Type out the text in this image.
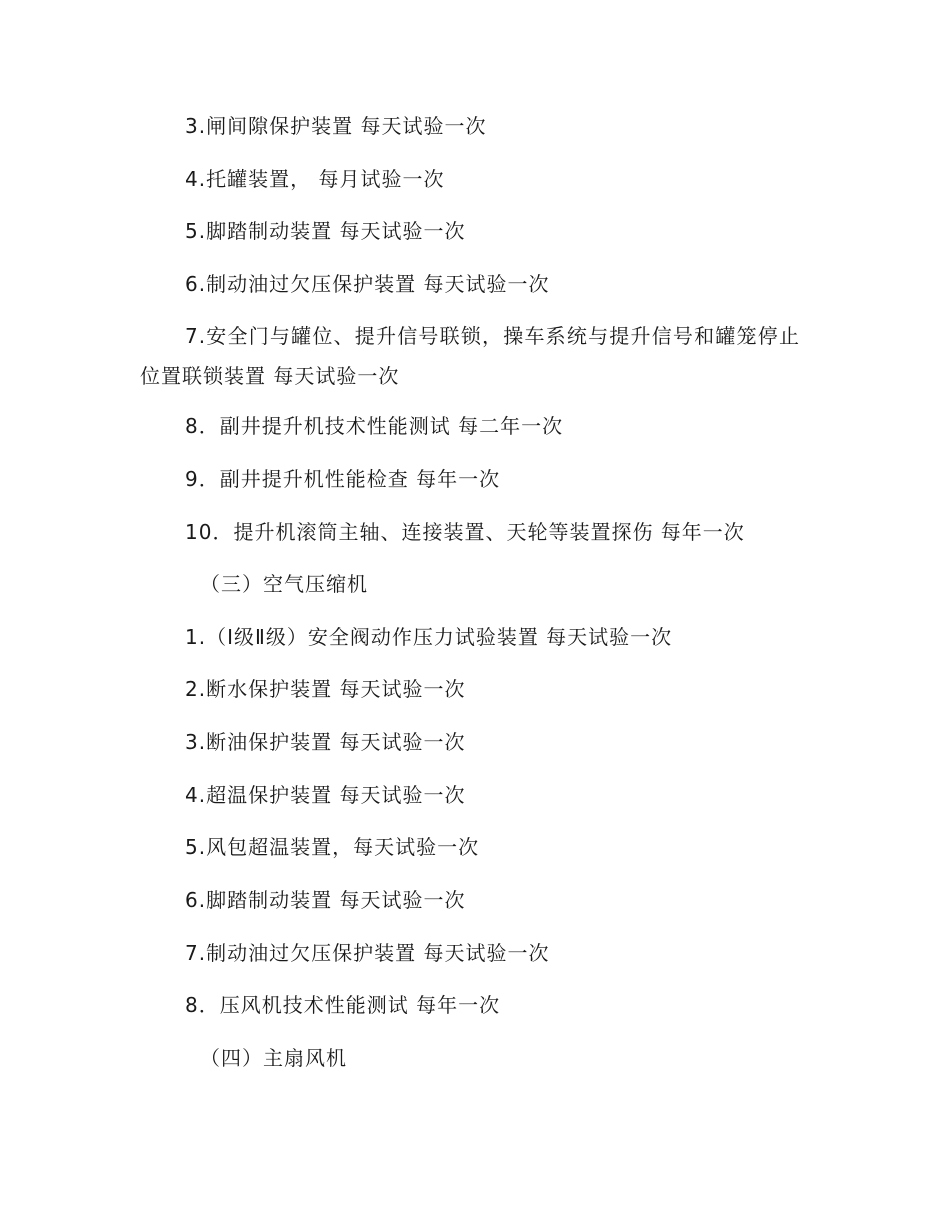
3.闸间隙保护装置 每天试验一次
4.托罐装置， 每月试验一次
5.脚踏制动装置 每天试验一次
6.制动油过欠压保护装置 每天试验一次
7.安全门与罐位、提升信号联锁，操车系统与提升信号和罐笼停止位置联锁装置 每天试验一次
8．副井提升机技术性能测试 每二年一次
9．副井提升机性能检查 每年一次
10．提升机滚筒主轴、连接装置、天轮等装置探伤 每年一次
（三）空气压缩机
1.（Ⅰ级Ⅱ级）安全阀动作压力试验装置 每天试验一次
2.断水保护装置 每天试验一次
3.断油保护装置 每天试验一次
4.超温保护装置 每天试验一次
5.风包超温装置，每天试验一次
6.脚踏制动装置 每天试验一次
7.制动油过欠压保护装置 每天试验一次
8．压风机技术性能测试 每年一次
（四）主扇风机
